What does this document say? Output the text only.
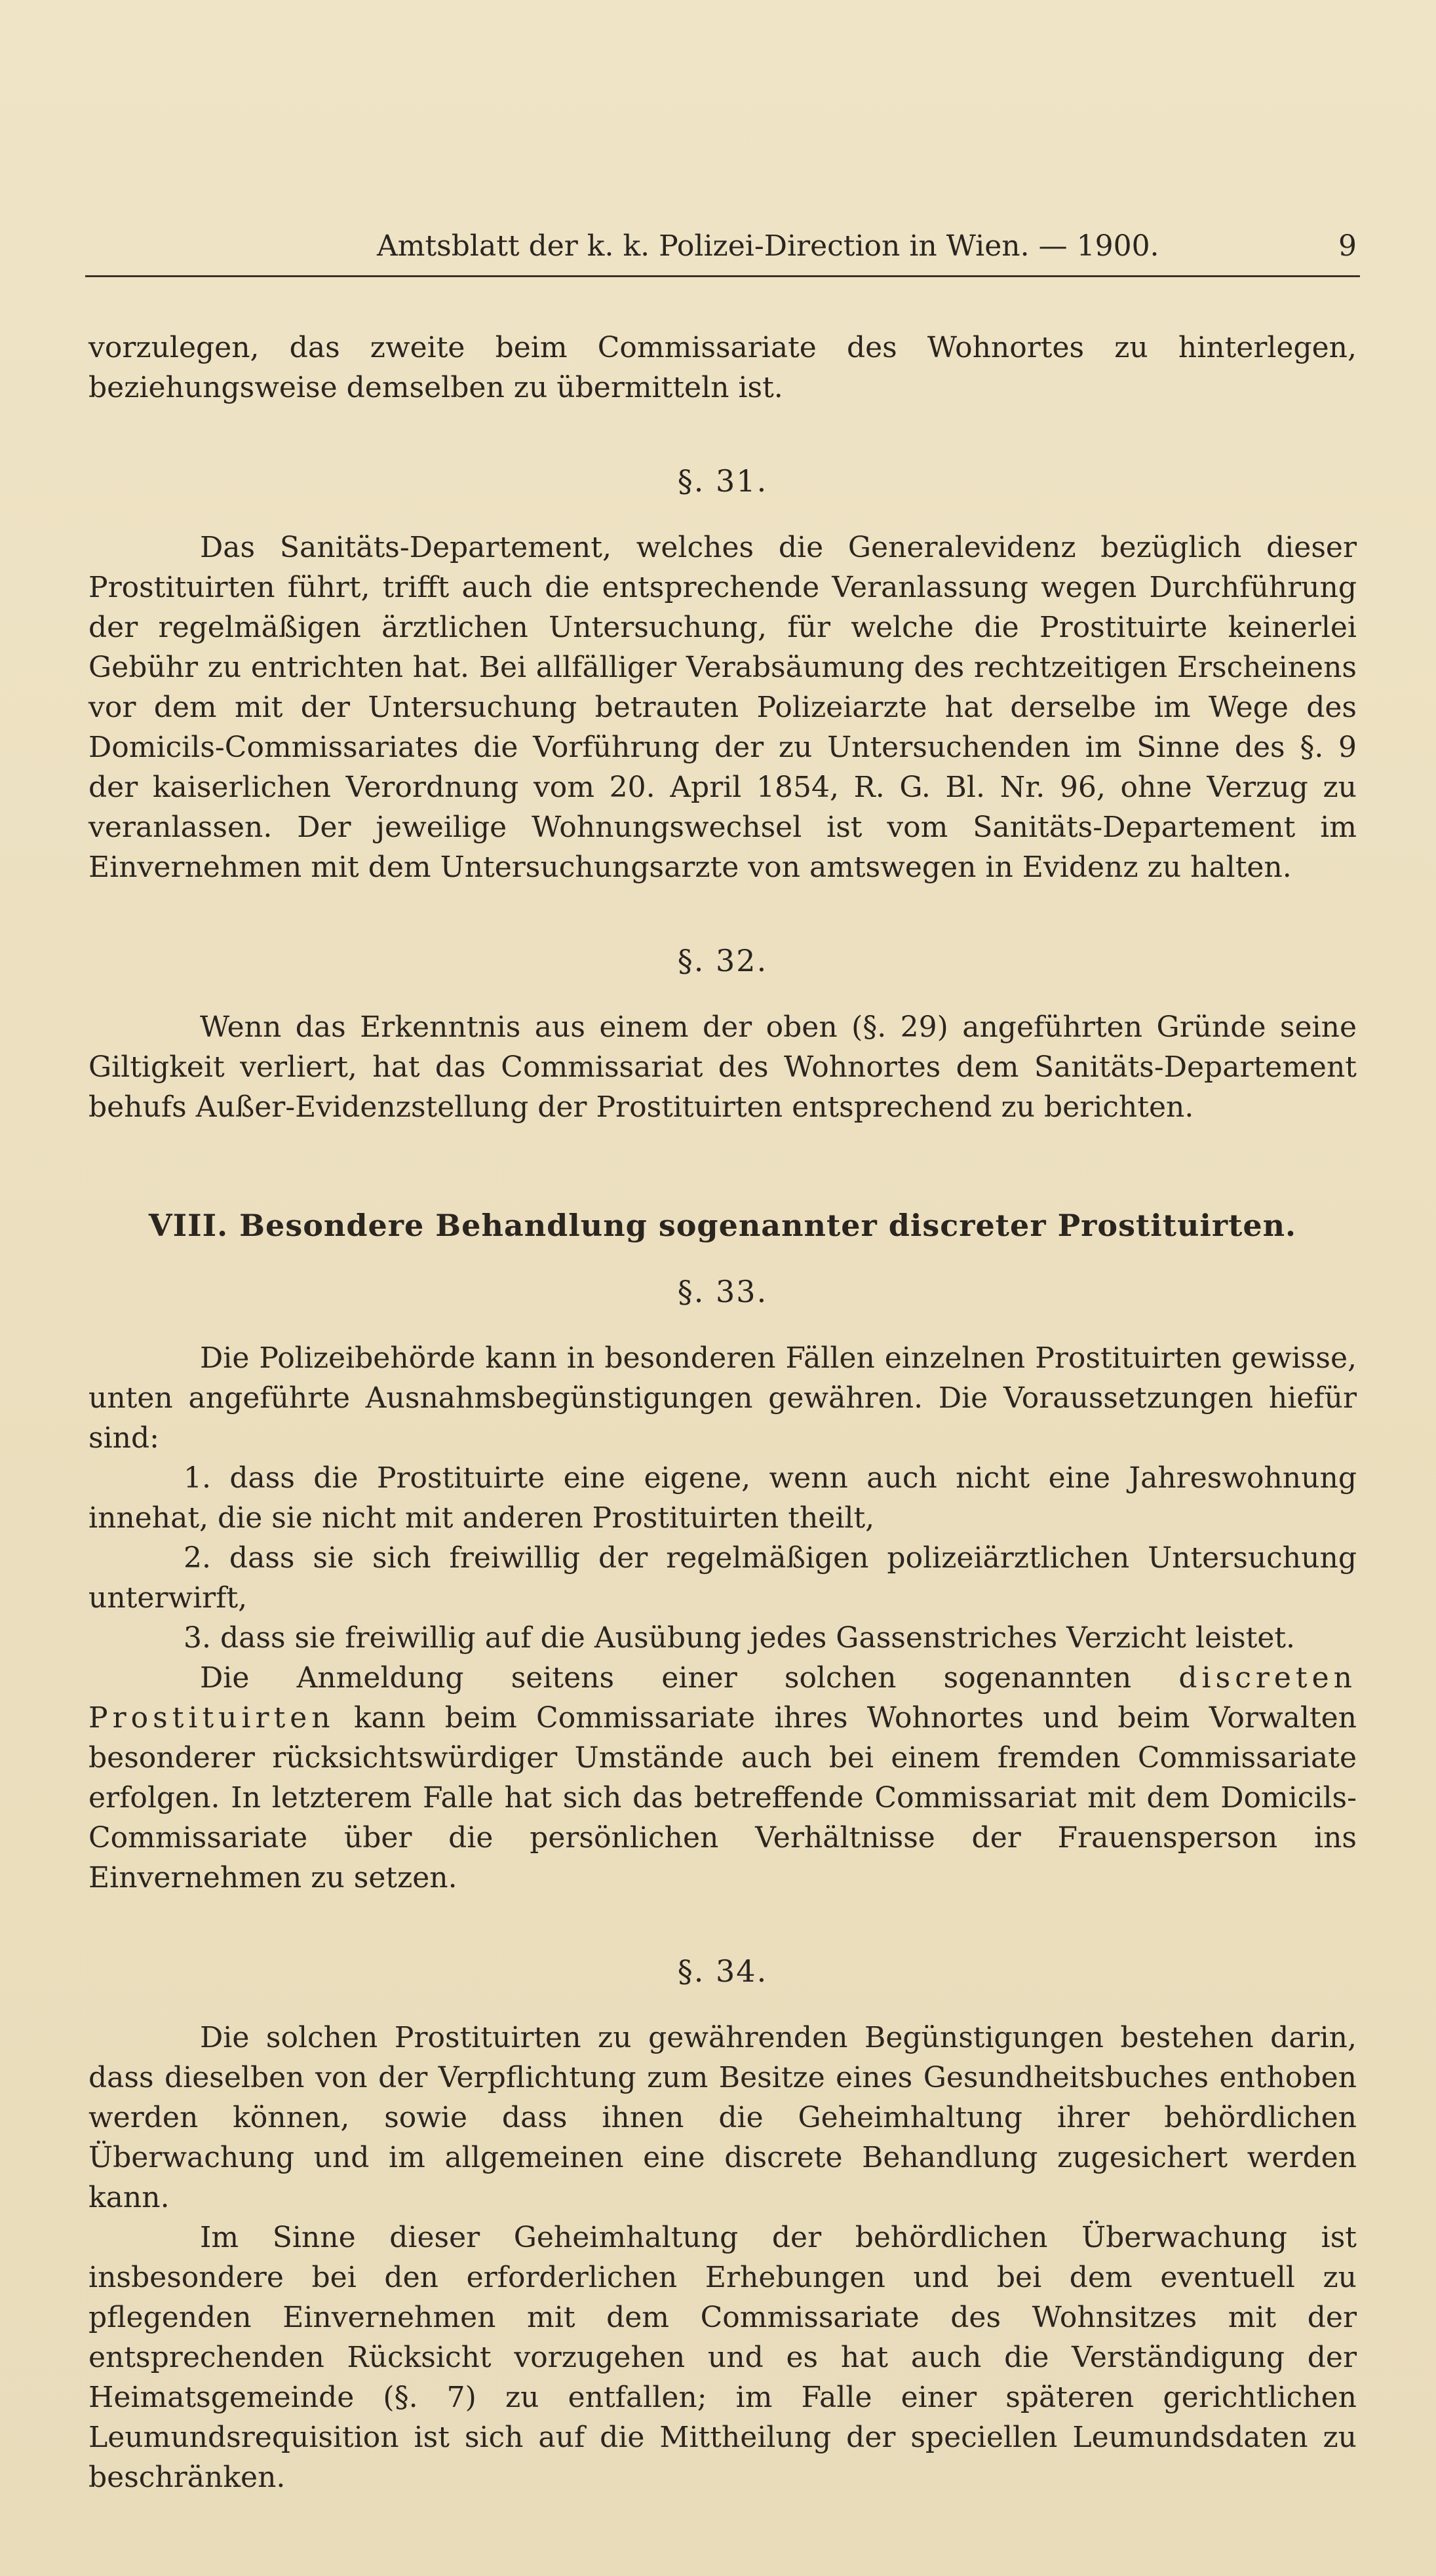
Amtsblatt der k. k. Polizei-Direction in Wien. — 1900.	9

vorzulegen, das zweite beim Commissariate des Wohnortes zu hinterlegen, beziehungsweise demselben zu übermitteln ist.

§. 31.

Das Sanitäts-Departement, welches die Generalevidenz bezüglich dieser Prostituirten führt, trifft auch die entsprechende Veranlassung wegen Durchführung der regelmäßigen ärztlichen Untersuchung, für welche die Prostituirte keinerlei Gebühr zu entrichten hat. Bei allfälliger Verabsäumung des rechtzeitigen Erscheinens vor dem mit der Untersuchung betrauten Polizeiarzte hat derselbe im Wege des Domicils-Commissariates die Vorführung der zu Untersuchenden im Sinne des §. 9 der kaiserlichen Verordnung vom 20. April 1854, R. G. Bl. Nr. 96, ohne Verzug zu veranlassen. Der jeweilige Wohnungswechsel ist vom Sanitäts-Departement im Einvernehmen mit dem Untersuchungsarzte von amtswegen in Evidenz zu halten.

§. 32.

Wenn das Erkenntnis aus einem der oben (§. 29) angeführten Gründe seine Giltigkeit verliert, hat das Commissariat des Wohnortes dem Sanitäts-Departement behufs Außer-Evidenzstellung der Prostituirten entsprechend zu berichten.

VIII. Besondere Behandlung sogenannter discreter Prostituirten.

§. 33.

Die Polizeibehörde kann in besonderen Fällen einzelnen Prostituirten gewisse, unten angeführte Ausnahmsbegünstigungen gewähren. Die Voraussetzungen hiefür sind:

1. dass die Prostituirte eine eigene, wenn auch nicht eine Jahreswohnung innehat, die sie nicht mit anderen Prostituirten theilt,

2. dass sie sich freiwillig der regelmäßigen polizeiärztlichen Untersuchung unterwirft,

3. dass sie freiwillig auf die Ausübung jedes Gassenstriches Verzicht leistet.

Die Anmeldung seitens einer solchen sogenannten discreten Prostituirten kann beim Commissariate ihres Wohnortes und beim Vorwalten besonderer rücksichtswürdiger Umstände auch bei einem fremden Commissariate erfolgen. In letzterem Falle hat sich das betreffende Commissariat mit dem Domicils-Commissariate über die persönlichen Verhältnisse der Frauensperson ins Einvernehmen zu setzen.

§. 34.

Die solchen Prostituirten zu gewährenden Begünstigungen bestehen darin, dass dieselben von der Verpflichtung zum Besitze eines Gesundheitsbuches enthoben werden können, sowie dass ihnen die Geheimhaltung ihrer behördlichen Überwachung und im allgemeinen eine discrete Behandlung zugesichert werden kann.

Im Sinne dieser Geheimhaltung der behördlichen Überwachung ist insbesondere bei den erforderlichen Erhebungen und bei dem eventuell zu pflegenden Einvernehmen mit dem Commissariate des Wohnsitzes mit der entsprechenden Rücksicht vorzugehen und es hat auch die Verständigung der Heimatsgemeinde (§. 7) zu entfallen; im Falle einer späteren gerichtlichen Leumundsrequisition ist sich auf die Mittheilung der speciellen Leumundsdaten zu beschränken.
